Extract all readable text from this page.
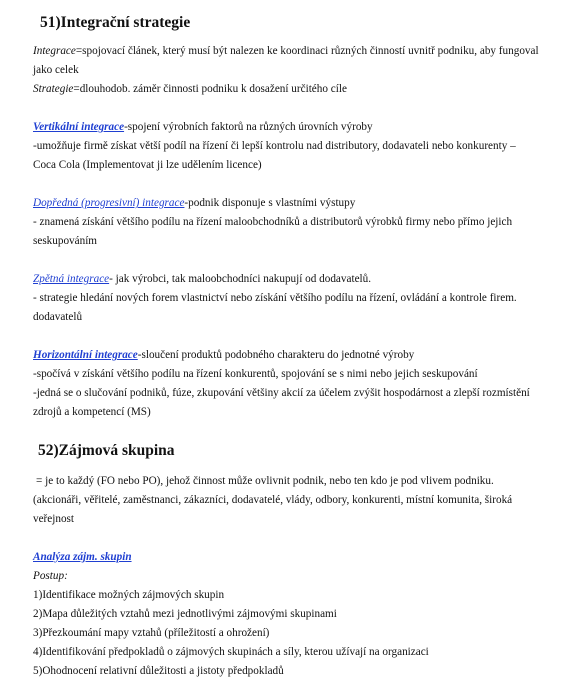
51)Integrační strategie
Integrace=spojovací článek, který musí být nalezen ke koordinaci různých činností uvnitř podniku, aby fungoval
jako celek
Strategie=dlouhodob. záměr činnosti podniku k dosažení určitého cíle
Vertikální integrace-spojení výrobních faktorů na různých úrovních výroby
-umožňuje firmě získat větší podíl na řízení či lepší kontrolu nad distributory, dodavateli nebo konkurenty –
Coca Cola (Implementovat ji lze udělením licence)
Dopředná (progresivní) integrace-podnik disponuje s vlastními výstupy
- znamená získání většího podílu na řízení maloobchodníků a distributorů výrobků firmy nebo přímo jejich
seskupováním
Zpětná integrace- jak výrobci, tak maloobchodníci nakupují od dodavatelů.
- strategie hledání nových forem vlastnictví nebo získání většího podílu na řízení, ovládání a kontrole firem.
dodavatelů
Horizontální integrace-sloučení produktů podobného charakteru do jednotné výroby
-spočívá v získání většího podílu na řízení konkurentů, spojování se s nimi nebo jejich seskupování
-jedná se o slučování podniků, fúze, zkupování většiny akcií za účelem zvýšit hospodárnost a zlepší rozmístění
zdrojů a kompetencí (MS)
52)Zájmová skupina
= je to každý (FO nebo PO), jehož činnost může ovlivnit podnik, nebo ten kdo je pod vlivem podniku.
(akcionáři, věřitelé, zaměstnanci, zákazníci, dodavatelé, vlády, odbory, konkurenti, místní komunita, široká
veřejnost
Analýza zájm. skupin
Postup:
1)Identifikace možných zájmových skupin
2)Mapa důležitých vztahů mezi jednotlivými zájmovými skupinami
3)Přezkoumání mapy vztahů (příležitostí a ohrožení)
4)Identifikování předpokladů o zájmových skupinách a síly, kterou užívají na organizaci
5)Ohodnocení relativní důležitosti a jistoty předpokladů
